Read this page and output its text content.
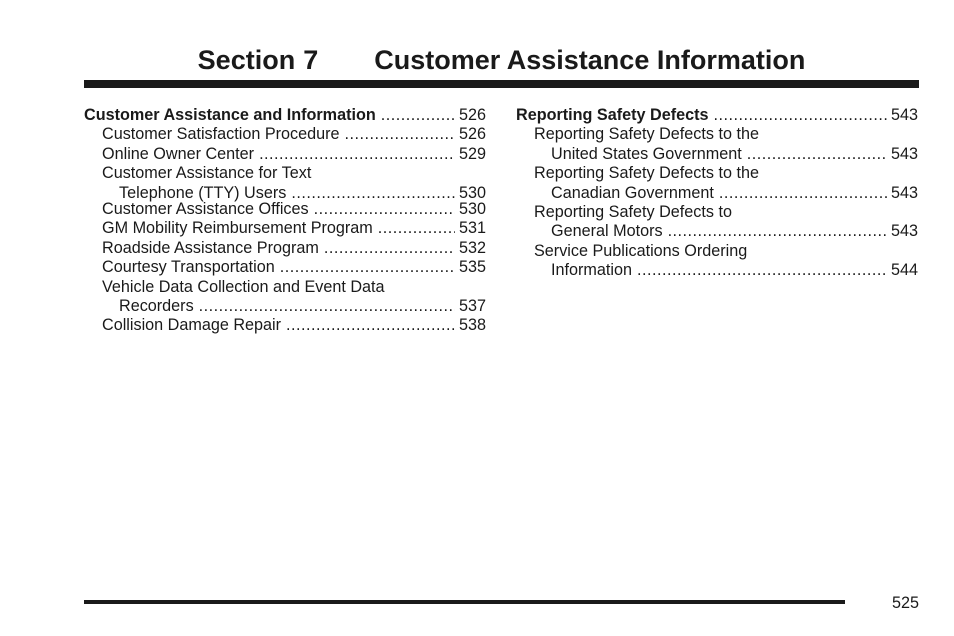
Section 7 Customer Assistance Information
Customer Assistance and Information .....	526
Customer Satisfaction Procedure .....	526
Online Owner Center .....	529
Customer Assistance for Text
Telephone (TTY) Users .....	530
Customer Assistance Offices .....	530
GM Mobility Reimbursement Program .....	531
Roadside Assistance Program .....	532
Courtesy Transportation .....	535
Vehicle Data Collection and Event Data
Recorders .....	537
Collision Damage Repair .....	538
Reporting Safety Defects .....	543
Reporting Safety Defects to the
United States Government .....	543
Reporting Safety Defects to the
Canadian Government .....	543
Reporting Safety Defects to
General Motors .....	543
Service Publications Ordering
Information .....	544
525
